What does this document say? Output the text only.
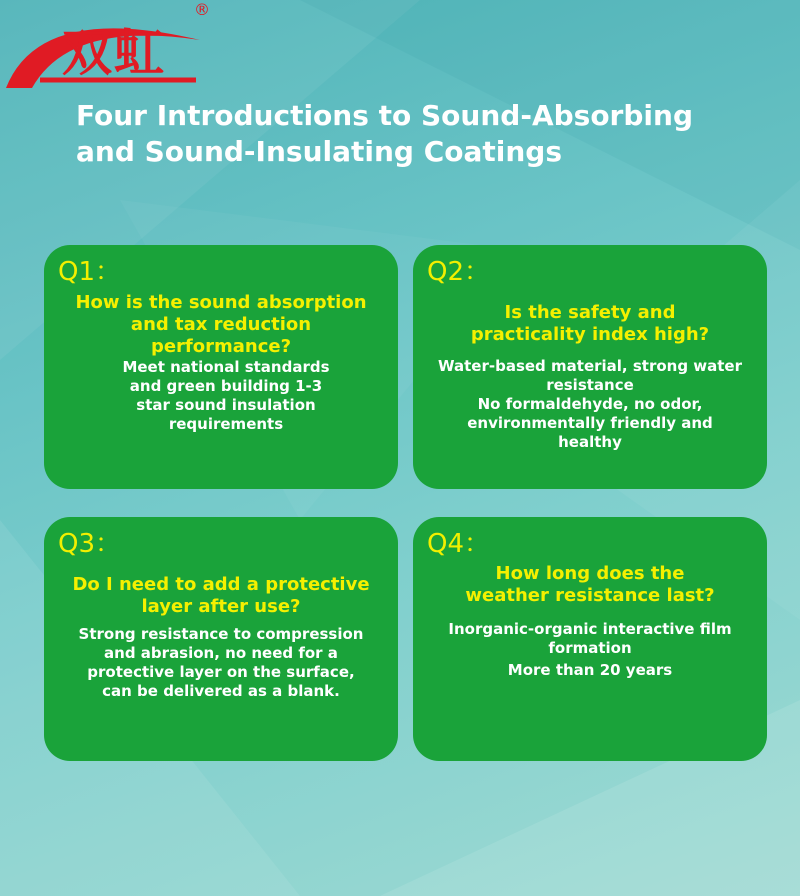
双虹
®
Four Introductions to Sound-Absorbing and Sound-Insulating Coatings
Q1：
How is the sound absorption and tax reduction performance?
Meet national standards and green building 1-3 star sound insulation requirements
Q2：
Is the safety and practicality index high?
Water-based material, strong water resistance
No formaldehyde, no odor, environmentally friendly and healthy
Q3：
Do I need to add a protective layer after use?
Strong resistance to compression and abrasion, no need for a protective layer on the surface, can be delivered as a blank.
Q4：
How long does the weather resistance last?
Inorganic-organic interactive film formation
More than 20 years
